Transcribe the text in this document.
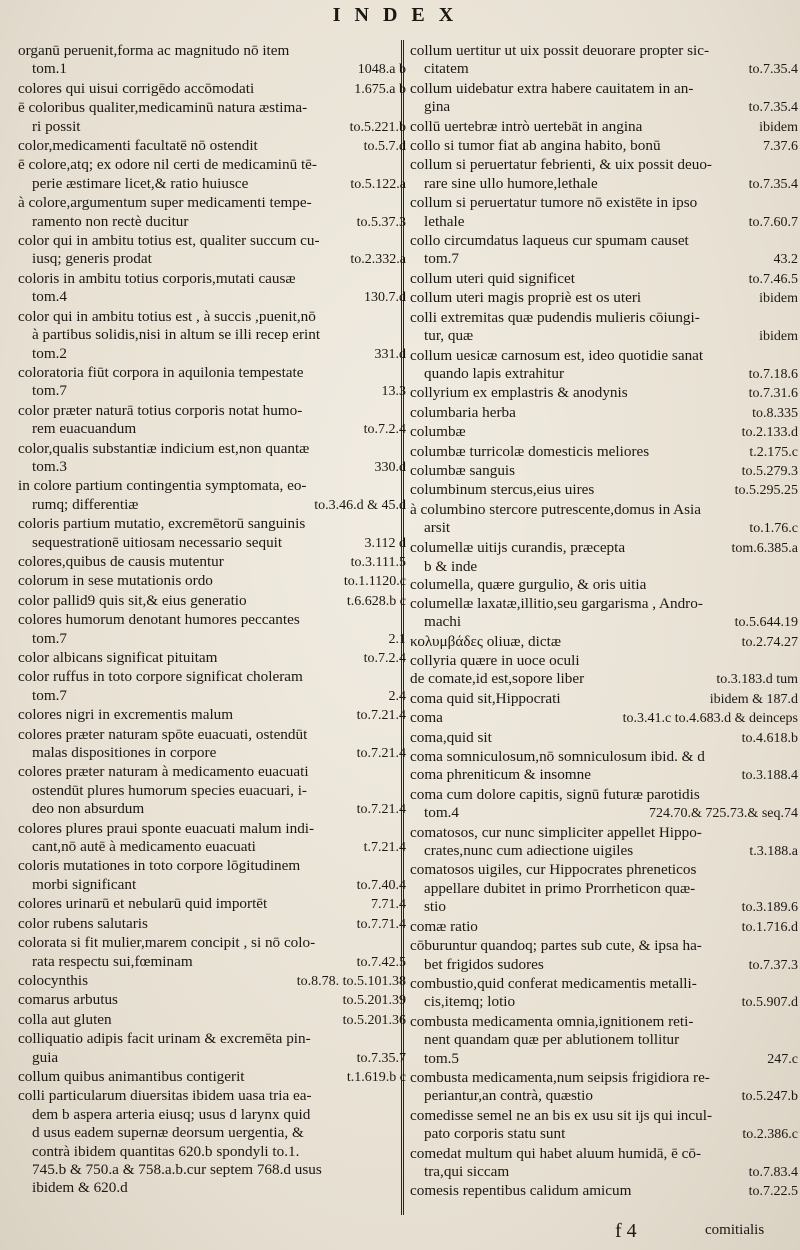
INDEX
organū peruenit,forma ac magnitudo nō item
tom.1	1048.a b
colores qui uisui corrigēdo accōmodati	1.675.a b
ē coloribus qualiter,medicaminū natura æstima-
ri possit	to.5.221.b
color,medicamenti facultatē nō ostendit	to.5.7.d
ē colore,atq; ex odore nil certi de medicaminū tē-
perie æstimare licet,& ratio huiusce	to.5.122.a
à colore,argumentum super medicamenti tempe-
ramento non rectè ducitur	to.5.37.3
color qui in ambitu totius est, qualiter succum cu-
iusq; generis prodat	to.2.332.a
coloris in ambitu totius corporis,mutati causæ
tom.4	130.7.d
color qui in ambitu totius est , à succis ,puenit,nō
à partibus solidis,nisi in altum se illi recep erint
tom.2	331.d
coloratoria fiūt corpora in aquilonia tempestate
tom.7	13.3
color præter naturā totius corporis notat humo-
rem euacuandum	to.7.2.4
color,qualis substantiæ indicium est,non quantæ
tom.3	330.d
in colore partium contingentia symptomata, eo-
rumq; differentiæ	to.3.46.d & 45.d
coloris partium mutatio, excremētorū sanguinis
sequestrationē uitiosam necessario sequit	3.112 d
colores,quibus de causis mutentur	to.3.111.5
colorum in sese mutationis ordo	to.1.1120.c
color pallid9 quis sit,& eius generatio	t.6.628.b c
colores humorum denotant humores peccantes
tom.7	2.1
color albicans significat pituitam	to.7.2.4
color ruffus in toto corpore significat choleram
tom.7	2.4
colores nigri in excrementis malum	to.7.21.4
colores præter naturam spōte euacuati, ostendūt
malas dispositiones in corpore	to.7.21.4
colores præter naturam à medicamento euacuati
ostendūt plures humorum species euacuari, i-
deo non absurdum	to.7.21.4
colores plures praui sponte euacuati malum indi-
cant,nō autē à medicamento euacuati	t.7.21.4
coloris mutationes in toto corpore lōgitudinem
morbi significant	to.7.40.4
colores urinarū et nebularū quid importēt	7.71.4
color rubens salutaris	to.7.71.4
colorata si fit mulier,marem concipit , si nō colo-
rata respectu sui,fœminam	to.7.42.5
colocynthis	to.8.78. to.5.101.38
comarus arbutus	to.5.201.39
colla aut gluten	to.5.201.36
colliquatio adipis facit urinam & excremēta pin-
guia	to.7.35.7
collum quibus animantibus contigerit	t.1.619.b c
colli particularum diuersitas ibidem uasa tria ea-
dem b aspera arteria eiusq; usus d larynx quid
d usus eadem supernæ deorsum uergentia, &
contrà ibidem quantitas 620.b spondyli to.1.
745.b & 750.a & 758.a.b.cur septem 768.d usus
ibidem & 620.d
collum uertitur ut uix possit deuorare propter sic-
citatem	to.7.35.4
collum uidebatur extra habere cauitatem in an-
gina	to.7.35.4
collū uertebræ intrò uertebāt in angina	ibidem
collo si tumor fiat ab angina habito, bonū	7.37.6
collum si peruertatur febrienti, & uix possit deuo-
rare sine ullo humore,lethale	to.7.35.4
collum si peruertatur tumore nō existēte in ipso
lethale	to.7.60.7
collo circumdatus laqueus cur spumam causet
tom.7	43.2
collum uteri quid significet	to.7.46.5
collum uteri magis propriè est os uteri	ibidem
colli extremitas quæ pudendis mulieris cōiungi-
tur, quæ	ibidem
collum uesicæ carnosum est, ideo quotidie sanat
quando lapis extrahitur	to.7.18.6
collyrium ex emplastris & anodynis	to.7.31.6
columbaria herba	to.8.335
columbæ	to.2.133.d
columbæ turricolæ domesticis meliores	t.2.175.c
columbæ sanguis	to.5.279.3
columbinum stercus,eius uires	to.5.295.25
à columbino stercore putrescente,domus in Asia
arsit	to.1.76.c
columellæ uitijs curandis, præcepta	tom.6.385.a
b & inde
columella, quære gurgulio, & oris uitia
columellæ laxatæ,illitio,seu gargarisma , Andro-
machi	to.5.644.19
κολυμβάδες oliuæ, dictæ	to.2.74.27
collyria quære in uoce oculi
de comate,id est,sopore liber	to.3.183.d tum
coma quid sit,Hippocrati	ibidem & 187.d
coma	to.3.41.c to.4.683.d & deinceps
coma,quid sit	to.4.618.b
coma somniculosum,nō somniculosum ibid. & d
coma phreniticum & insomne	to.3.188.4
coma cum dolore capitis, signū futuræ parotidis
tom.4	724.70.& 725.73.& seq.74
comatosos, cur nunc simpliciter appellet Hippo-
crates,nunc cum adiectione uigiles	t.3.188.a
comatosos uigiles, cur Hippocrates phreneticos
appellare dubitet in primo Prorrheticon quæ-
stio	to.3.189.6
comæ ratio	to.1.716.d
cōburuntur quandoq; partes sub cute, & ipsa ha-
bet frigidos sudores	to.7.37.3
combustio,quid conferat medicamentis metalli-
cis,itemq; lotio	to.5.907.d
combusta medicamenta omnia,ignitionem reti-
nent quandam quæ per ablutionem tollitur
tom.5	247.c
combusta medicamenta,num seipsis frigidiora re-
periantur,an contrà, quæstio	to.5.247.b
comedisse semel ne an bis ex usu sit ijs qui incul-
pato corporis statu sunt	to.2.386.c
comedat multum qui habet aluum humidā, ē cō-
tra,qui siccam	to.7.83.4
comesis repentibus calidum amicum	to.7.22.5
f 4	comitialis
